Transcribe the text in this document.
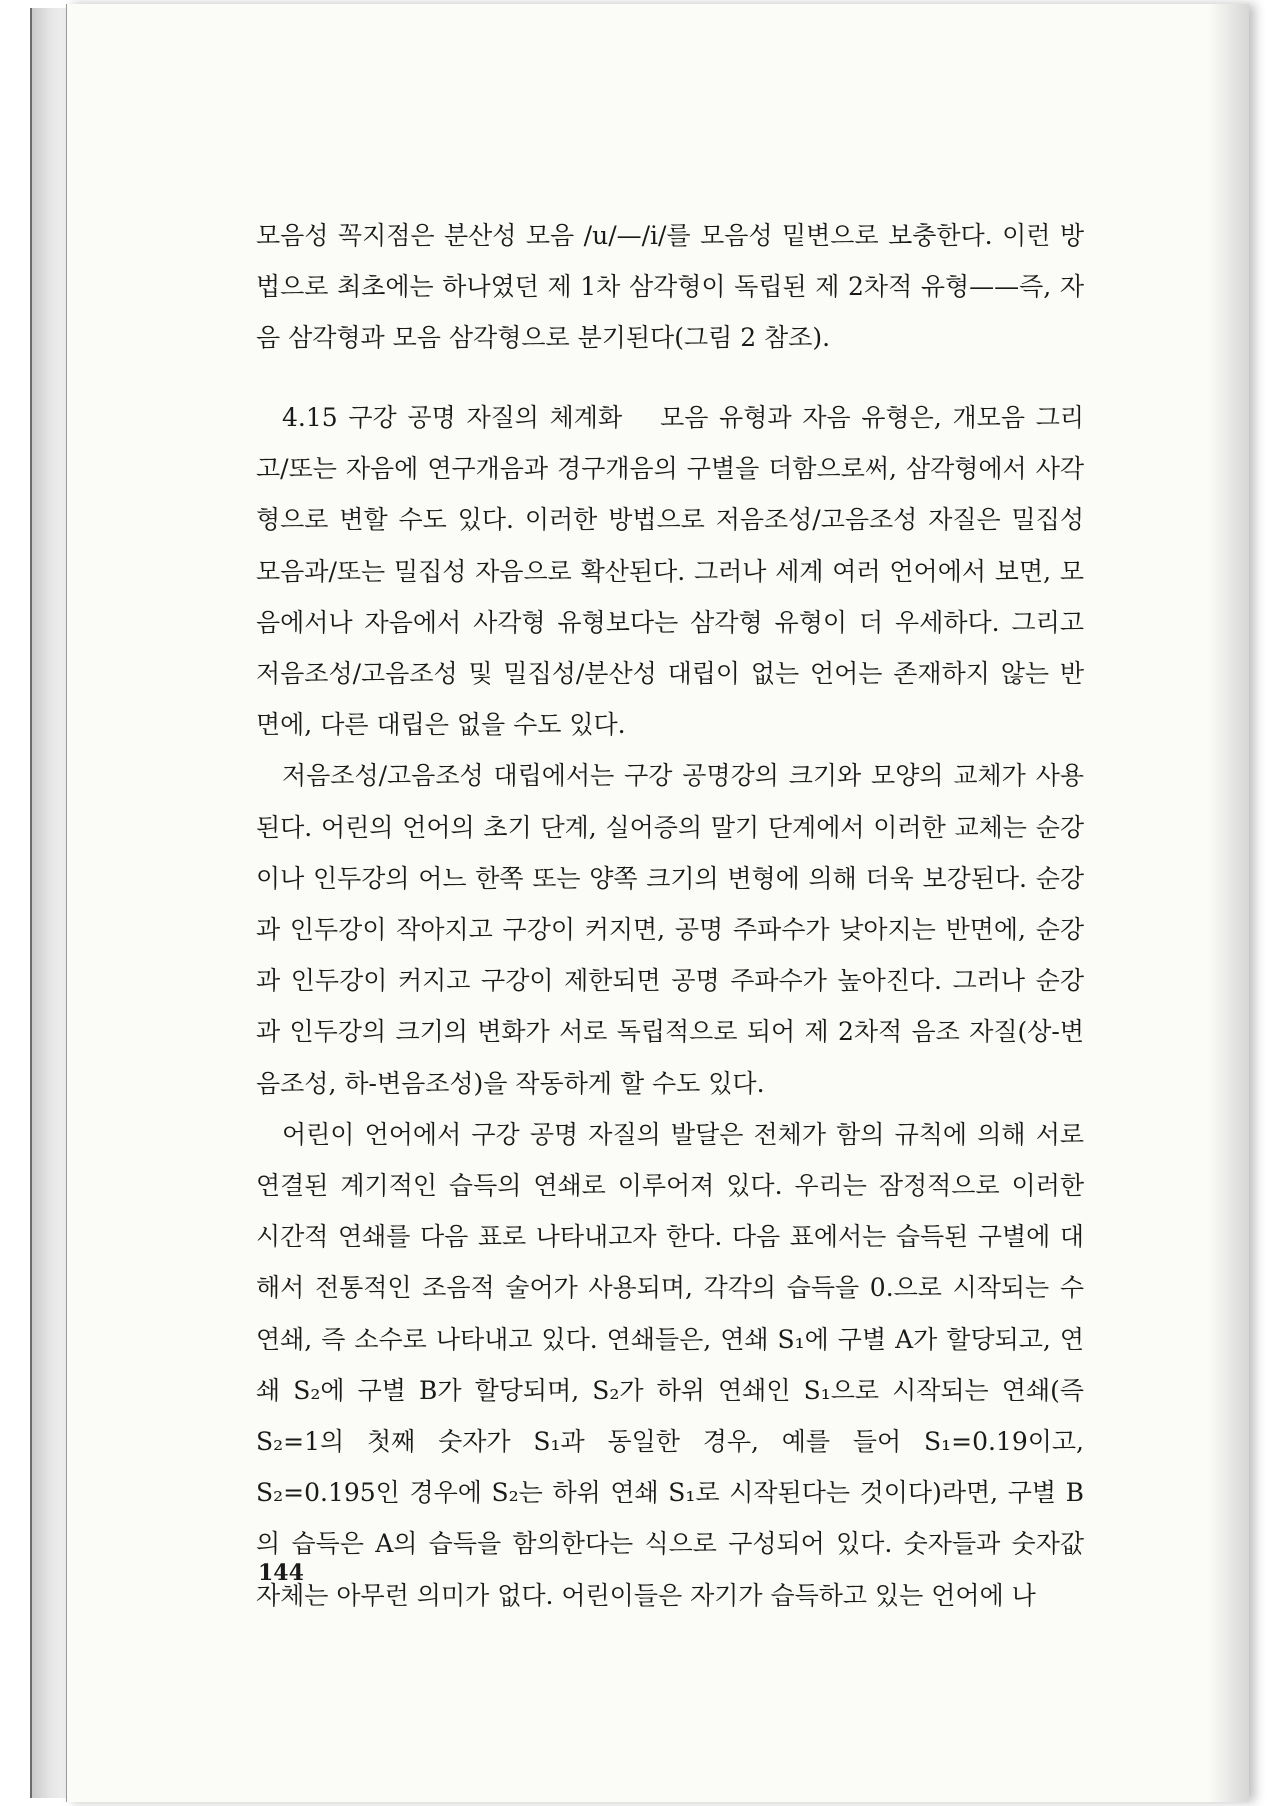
모음성 꼭지점은 분산성 모음 /u/—/i/를 모음성 밑변으로 보충한다. 이런 방법으로 최초에는 하나였던 제 1차 삼각형이 독립된 제 2차적 유형——즉, 자음 삼각형과 모음 삼각형으로 분기된다(그림 2 참조).

4.15 구강 공명 자질의 체계화 모음 유형과 자음 유형은, 개모음 그리고/또는 자음에 연구개음과 경구개음의 구별을 더함으로써, 삼각형에서 사각형으로 변할 수도 있다. 이러한 방법으로 저음조성/고음조성 자질은 밀집성 모음과/또는 밀집성 자음으로 확산된다. 그러나 세계 여러 언어에서 보면, 모음에서나 자음에서 사각형 유형보다는 삼각형 유형이 더 우세하다. 그리고 저음조성/고음조성 및 밀집성/분산성 대립이 없는 언어는 존재하지 않는 반면에, 다른 대립은 없을 수도 있다.

저음조성/고음조성 대립에서는 구강 공명강의 크기와 모양의 교체가 사용된다. 어린의 언어의 초기 단계, 실어증의 말기 단계에서 이러한 교체는 순강이나 인두강의 어느 한쪽 또는 양쪽 크기의 변형에 의해 더욱 보강된다. 순강과 인두강이 작아지고 구강이 커지면, 공명 주파수가 낮아지는 반면에, 순강과 인두강이 커지고 구강이 제한되면 공명 주파수가 높아진다. 그러나 순강과 인두강의 크기의 변화가 서로 독립적으로 되어 제 2차적 음조 자질(상-변음조성, 하-변음조성)을 작동하게 할 수도 있다.

어린이 언어에서 구강 공명 자질의 발달은 전체가 함의 규칙에 의해 서로 연결된 계기적인 습득의 연쇄로 이루어져 있다. 우리는 잠정적으로 이러한 시간적 연쇄를 다음 표로 나타내고자 한다. 다음 표에서는 습득된 구별에 대해서 전통적인 조음적 술어가 사용되며, 각각의 습득을 0.으로 시작되는 수 연쇄, 즉 소수로 나타내고 있다. 연쇄들은, 연쇄 S₁에 구별 A가 할당되고, 연쇄 S₂에 구별 B가 할당되며, S₂가 하위 연쇄인 S₁으로 시작되는 연쇄(즉 S₂=1의 첫째 숫자가 S₁과 동일한 경우, 예를 들어 S₁=0.19이고, S₂=0.195인 경우에 S₂는 하위 연쇄 S₁로 시작된다는 것이다)라면, 구별 B의 습득은 A의 습득을 함의한다는 식으로 구성되어 있다. 숫자들과 숫자값 자체는 아무런 의미가 없다. 어린이들은 자기가 습득하고 있는 언어에 나

144
